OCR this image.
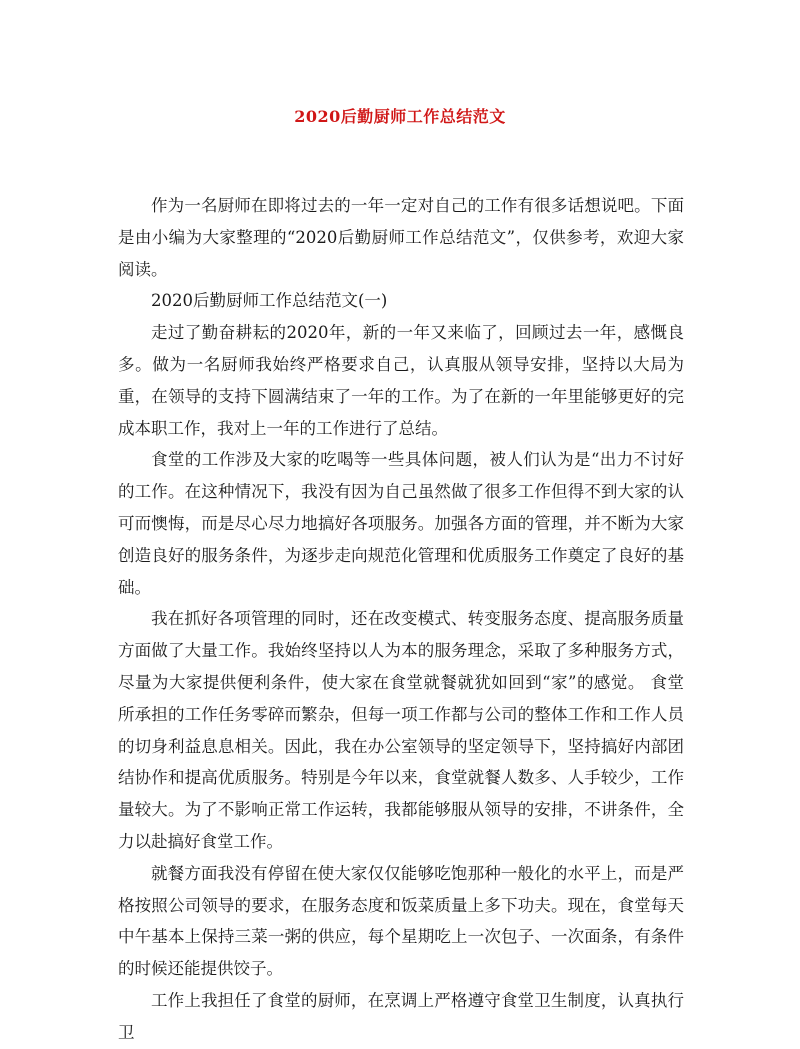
2020后勤厨师工作总结范文

作为一名厨师在即将过去的一年一定对自己的工作有很多话想说吧。下面是由小编为大家整理的“2020后勤厨师工作总结范文”，仅供参考，欢迎大家阅读。

2020后勤厨师工作总结范文(一)

走过了勤奋耕耘的2020年，新的一年又来临了，回顾过去一年，感慨良多。做为一名厨师我始终严格要求自己，认真服从领导安排，坚持以大局为重，在领导的支持下圆满结束了一年的工作。为了在新的一年里能够更好的完成本职工作，我对上一年的工作进行了总结。

食堂的工作涉及大家的吃喝等一些具体问题，被人们认为是“出力不讨好的工作。在这种情况下，我没有因为自己虽然做了很多工作但得不到大家的认可而懊悔，而是尽心尽力地搞好各项服务。加强各方面的管理，并不断为大家创造良好的服务条件，为逐步走向规范化管理和优质服务工作奠定了良好的基础。

我在抓好各项管理的同时，还在改变模式、转变服务态度、提高服务质量方面做了大量工作。我始终坚持以人为本的服务理念，采取了多种服务方式，尽量为大家提供便利条件，使大家在食堂就餐就犹如回到“家”的感觉。 食堂所承担的工作任务零碎而繁杂，但每一项工作都与公司的整体工作和工作人员的切身利益息息相关。因此，我在办公室领导的坚定领导下，坚持搞好内部团结协作和提高优质服务。特别是今年以来，食堂就餐人数多、人手较少，工作量较大。为了不影响正常工作运转，我都能够服从领导的安排，不讲条件，全力以赴搞好食堂工作。

就餐方面我没有停留在使大家仅仅能够吃饱那种一般化的水平上，而是严格按照公司领导的要求，在服务态度和饭菜质量上多下功夫。现在，食堂每天中午基本上保持三菜一粥的供应，每个星期吃上一次包子、一次面条，有条件的时候还能提供饺子。

工作上我担任了食堂的厨师，在烹调上严格遵守食堂卫生制度，认真执行卫
